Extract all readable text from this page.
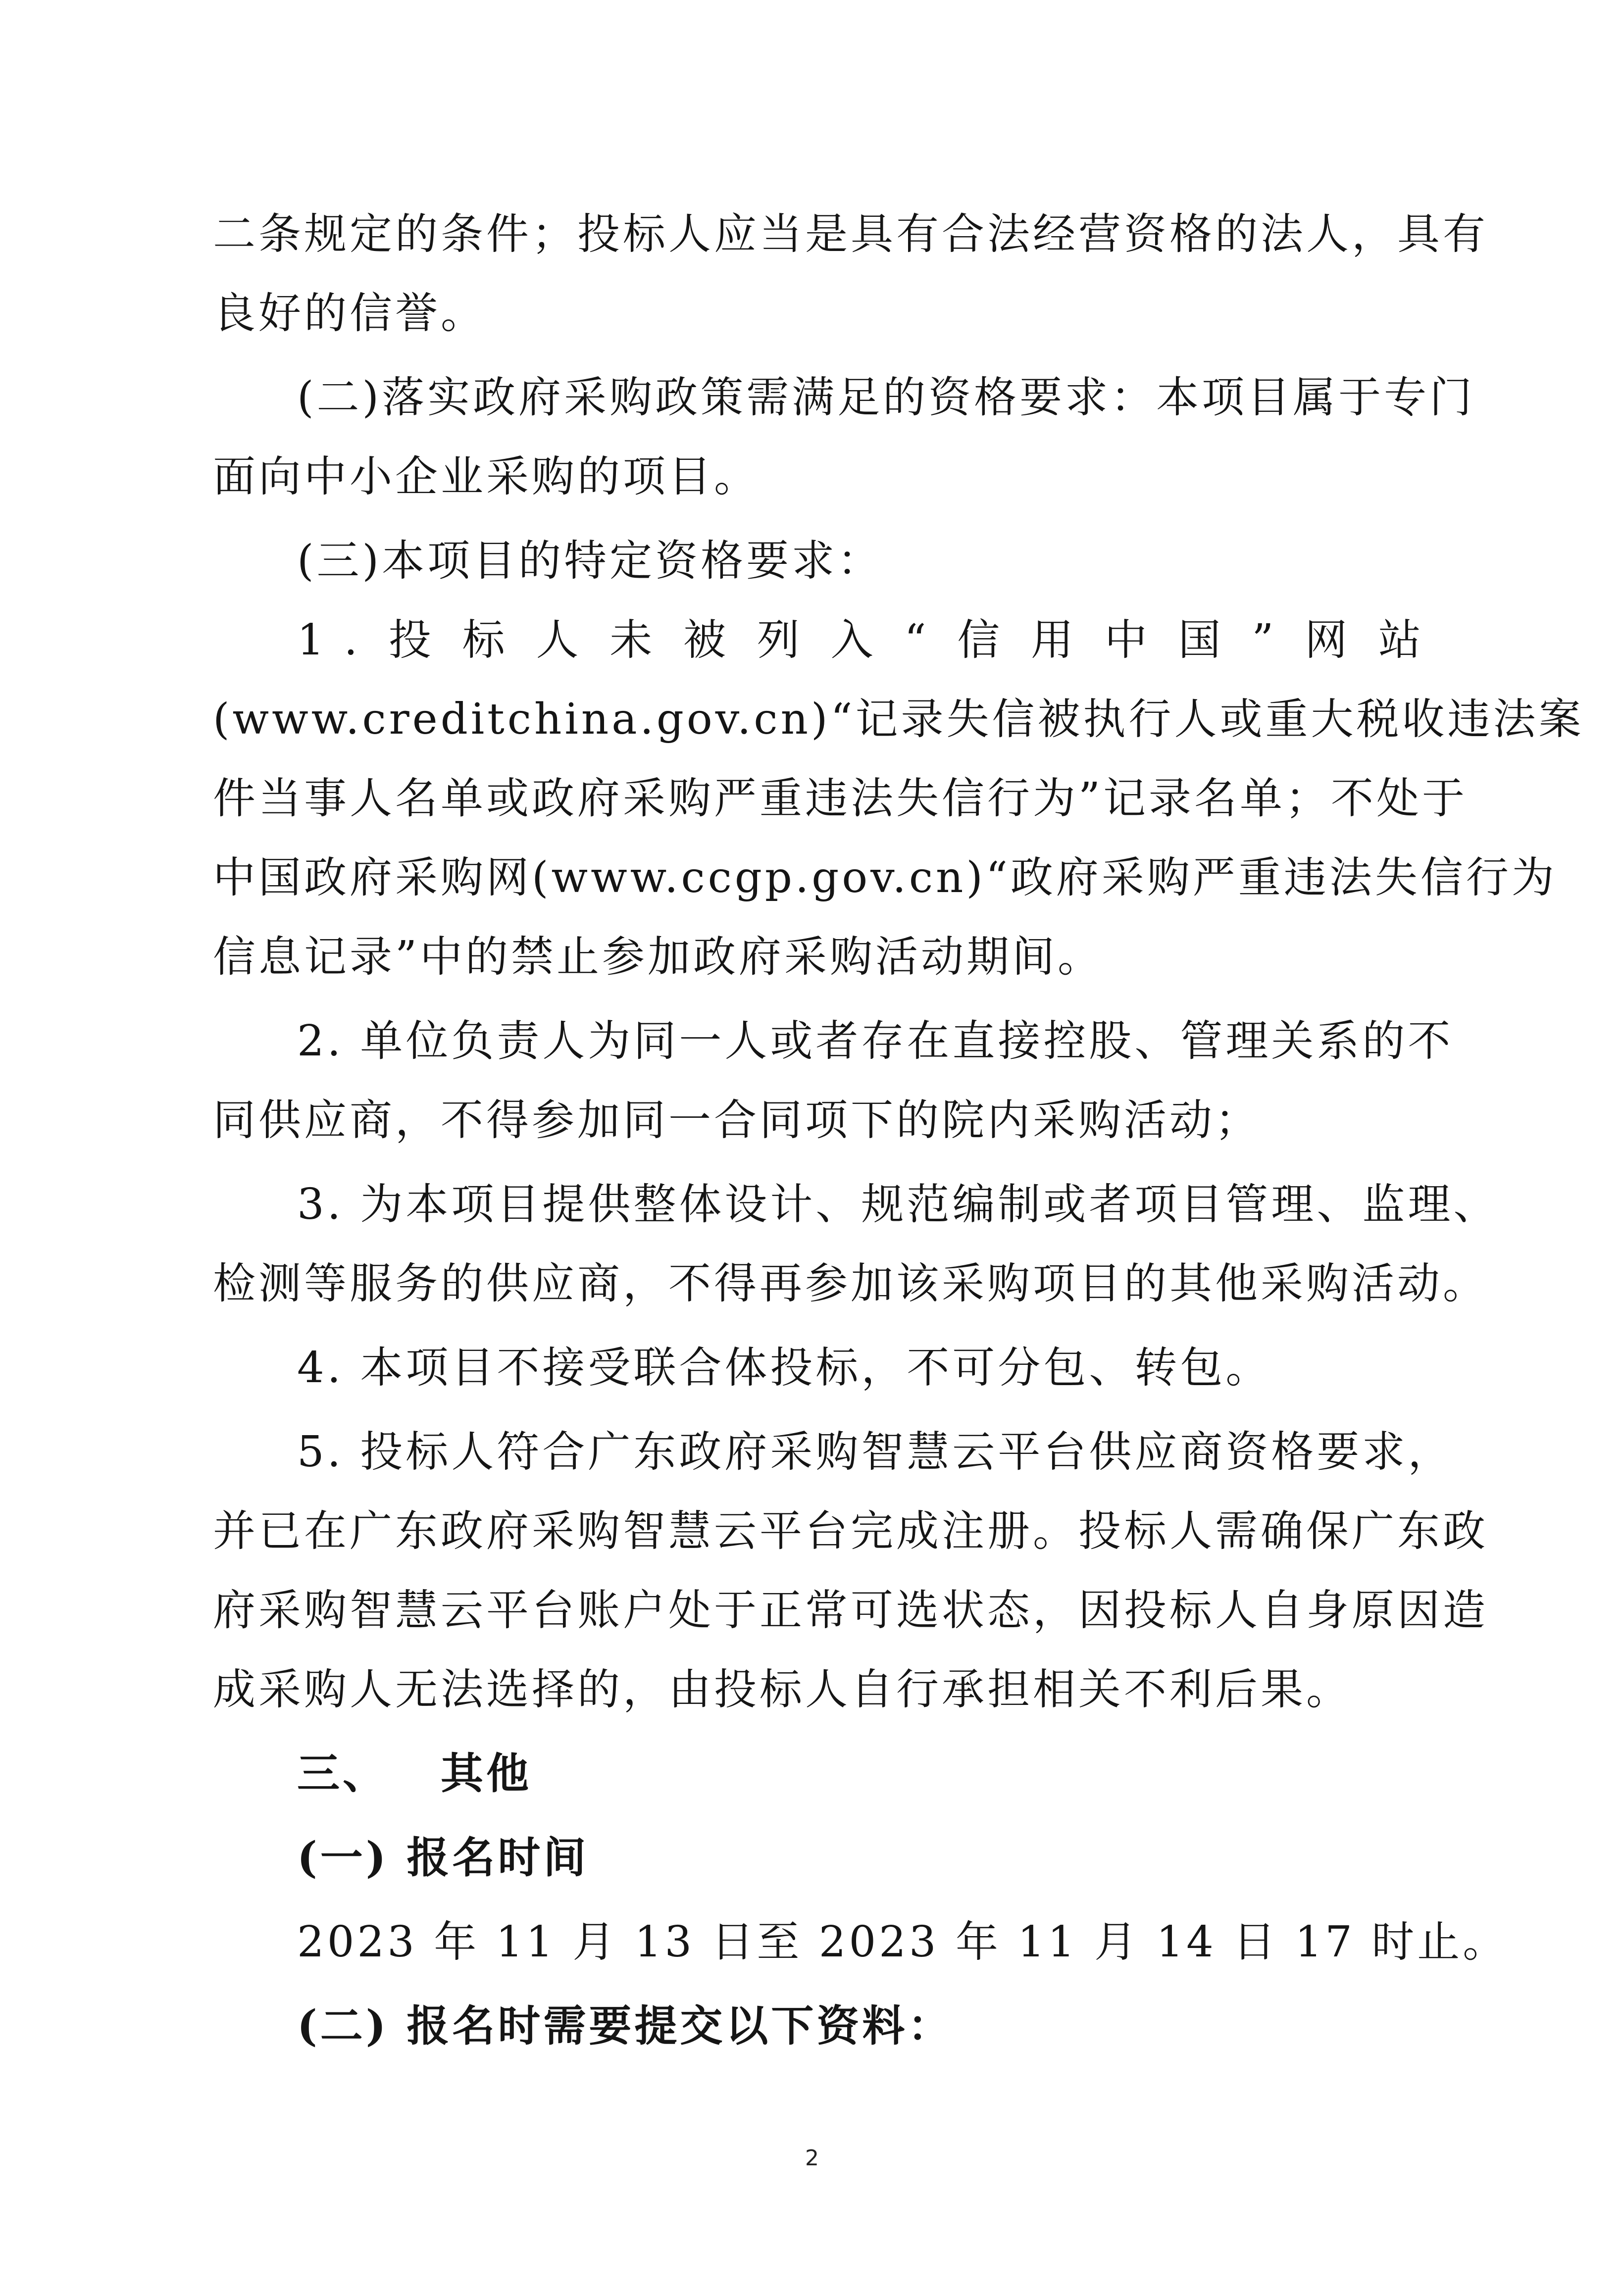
二条规定的条件；投标人应当是具有合法经营资格的法人，具有
良好的信誉。
(二)落实政府采购政策需满足的资格要求：本项目属于专门
面向中小企业采购的项目。
(三)本项目的特定资格要求：
1.投标人未被列入“信用中国”网站
(www.creditchina.gov.cn)“记录失信被执行人或重大税收违法案
件当事人名单或政府采购严重违法失信行为”记录名单；不处于
中国政府采购网(www.ccgp.gov.cn)“政府采购严重违法失信行为
信息记录”中的禁止参加政府采购活动期间。
2. 单位负责人为同一人或者存在直接控股、管理关系的不
同供应商，不得参加同一合同项下的院内采购活动；
3. 为本项目提供整体设计、规范编制或者项目管理、监理、
检测等服务的供应商，不得再参加该采购项目的其他采购活动。
4. 本项目不接受联合体投标，不可分包、转包。
5. 投标人符合广东政府采购智慧云平台供应商资格要求，
并已在广东政府采购智慧云平台完成注册。投标人需确保广东政
府采购智慧云平台账户处于正常可选状态，因投标人自身原因造
成采购人无法选择的，由投标人自行承担相关不利后果。
三、 其他
(一) 报名时间
2023 年 11 月 13 日至 2023 年 11 月 14 日 17 时止。
(二) 报名时需要提交以下资料：
2
